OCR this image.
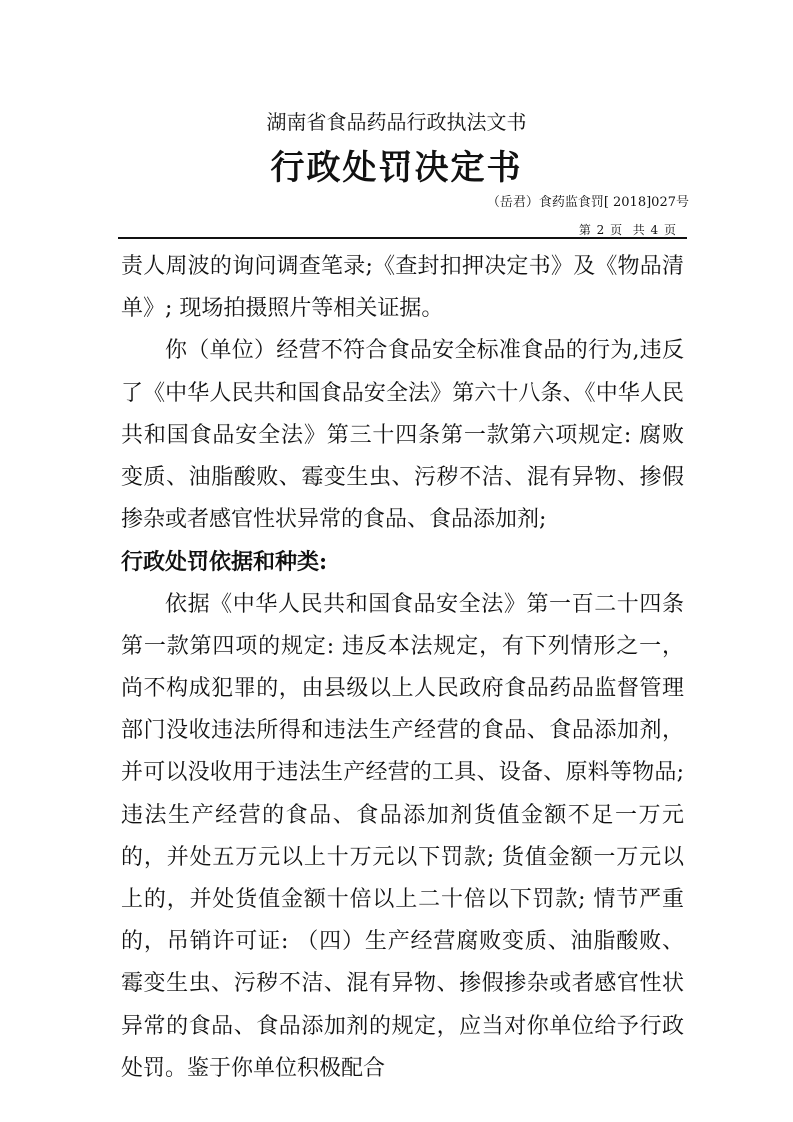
湖南省食品药品行政执法文书
行政处罚决定书
（岳君）食药监食罚[ 2018]027号
第 2 页  共 4 页

责人周波的询问调查笔录;《查封扣押决定书》及《物品清单》; 现场拍摄照片等相关证据。

你（单位）经营不符合食品安全标准食品的行为,违反了《中华人民共和国食品安全法》第六十八条、《中华人民共和国食品安全法》第三十四条第一款第六项规定: 腐败变质、油脂酸败、霉变生虫、污秽不洁、混有异物、掺假掺杂或者感官性状异常的食品、食品添加剂;

行政处罚依据和种类:

依据《中华人民共和国食品安全法》第一百二十四条第一款第四项的规定: 违反本法规定，有下列情形之一，尚不构成犯罪的，由县级以上人民政府食品药品监督管理部门没收违法所得和违法生产经营的食品、食品添加剂，并可以没收用于违法生产经营的工具、设备、原料等物品; 违法生产经营的食品、食品添加剂货值金额不足一万元的，并处五万元以上十万元以下罚款; 货值金额一万元以上的，并处货值金额十倍以上二十倍以下罚款; 情节严重的，吊销许可证: （四）生产经营腐败变质、油脂酸败、霉变生虫、污秽不洁、混有异物、掺假掺杂或者感官性状异常的食品、食品添加剂的规定，应当对你单位给予行政处罚。鉴于你单位积极配合
